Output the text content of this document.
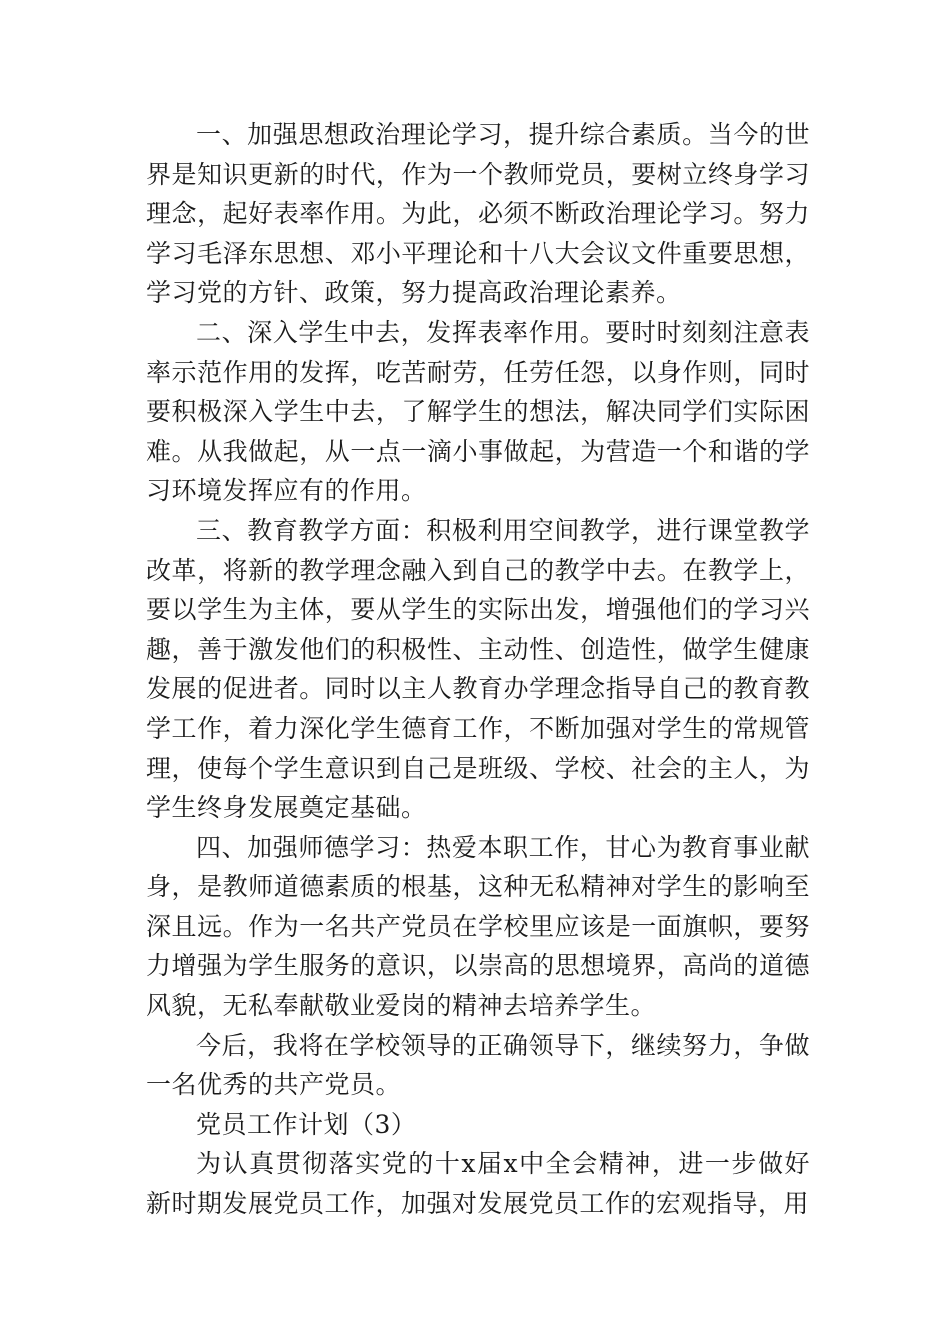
一、加强思想政治理论学习，提升综合素质。当今的世界是知识更新的时代，作为一个教师党员，要树立终身学习理念，起好表率作用。为此，必须不断政治理论学习。努力学习毛泽东思想、邓小平理论和十八大会议文件重要思想，学习党的方针、政策，努力提高政治理论素养。

二、深入学生中去，发挥表率作用。要时时刻刻注意表率示范作用的发挥，吃苦耐劳，任劳任怨，以身作则，同时要积极深入学生中去，了解学生的想法，解决同学们实际困难。从我做起，从一点一滴小事做起，为营造一个和谐的学习环境发挥应有的作用。

三、教育教学方面：积极利用空间教学，进行课堂教学改革，将新的教学理念融入到自己的教学中去。在教学上，要以学生为主体，要从学生的实际出发，增强他们的学习兴趣，善于激发他们的积极性、主动性、创造性，做学生健康发展的促进者。同时以主人教育办学理念指导自己的教育教学工作，着力深化学生德育工作，不断加强对学生的常规管理，使每个学生意识到自己是班级、学校、社会的主人，为学生终身发展奠定基础。

四、加强师德学习：热爱本职工作，甘心为教育事业献身，是教师道德素质的根基，这种无私精神对学生的影响至深且远。作为一名共产党员在学校里应该是一面旗帜，要努力增强为学生服务的意识，以崇高的思想境界，高尚的道德风貌，无私奉献敬业爱岗的精神去培养学生。

今后，我将在学校领导的正确领导下，继续努力，争做一名优秀的共产党员。

党员工作计划（3）

为认真贯彻落实党的十x届x中全会精神，进一步做好新时期发展党员工作，加强对发展党员工作的宏观指导，用
